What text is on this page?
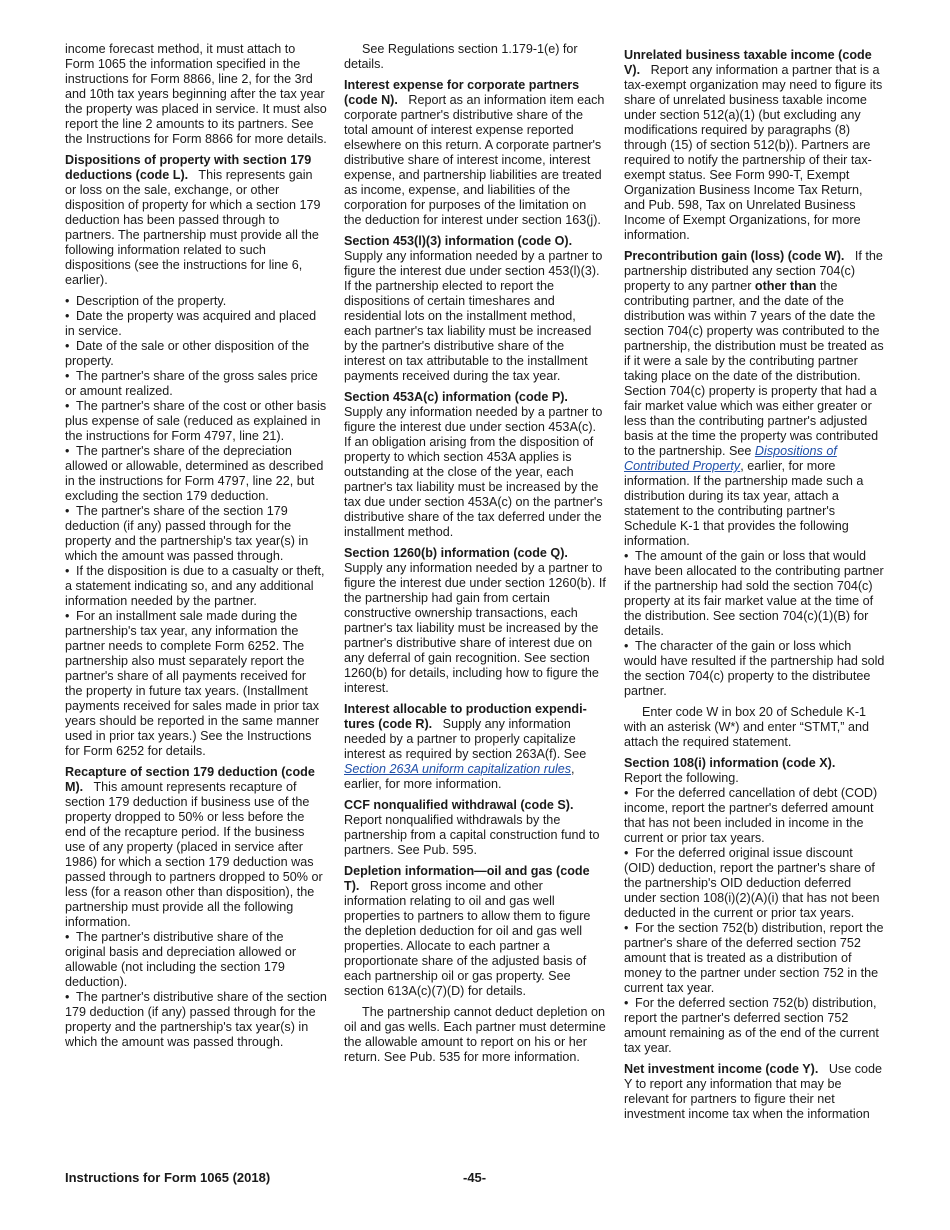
income forecast method, it must attach to Form 1065 the information specified in the instructions for Form 8866, line 2, for the 3rd and 10th tax years beginning after the tax year the property was placed in service. It must also report the line 2 amounts to its partners. See the Instructions for Form 8866 for more details.

Dispositions of property with section 179 deductions (code L). This represents gain or loss on the sale, exchange, or other disposition of property for which a section 179 deduction has been passed through to partners. The partnership must provide all the following information related to such dispositions (see the instructions for line 6, earlier).

• Description of the property.

• Date the property was acquired and placed in service.

• Date of the sale or other disposition of the property.

• The partner's share of the gross sales price or amount realized.

• The partner's share of the cost or other basis plus expense of sale (reduced as explained in the instructions for Form 4797, line 21).

• The partner's share of the depreciation allowed or allowable, determined as described in the instructions for Form 4797, line 22, but excluding the section 179 deduction.

• The partner's share of the section 179 deduction (if any) passed through for the property and the partnership's tax year(s) in which the amount was passed through.

• If the disposition is due to a casualty or theft, a statement indicating so, and any additional information needed by the partner.

• For an installment sale made during the partnership's tax year, any information the partner needs to complete Form 6252. The partnership also must separately report the partner's share of all payments received for the property in future tax years. (Installment payments received for sales made in prior tax years should be reported in the same manner used in prior tax years.) See the Instructions for Form 6252 for details.

Recapture of section 179 deduction (code M). This amount represents recapture of section 179 deduction if business use of the property dropped to 50% or less before the end of the recapture period. If the business use of any property (placed in service after 1986) for which a section 179 deduction was passed through to partners dropped to 50% or less (for a reason other than disposition), the partnership must provide all the following information.

• The partner's distributive share of the original basis and depreciation allowed or allowable (not including the section 179 deduction).

• The partner's distributive share of the section 179 deduction (if any) passed through for the property and the partnership's tax year(s) in which the amount was passed through.

See Regulations section 1.179-1(e) for details.

Interest expense for corporate partners (code N). Report as an information item each corporate partner's distributive share of the total amount of interest expense reported elsewhere on this return. A corporate partner's distributive share of interest income, interest expense, and partnership liabilities are treated as income, expense, and liabilities of the corporation for purposes of the limitation on the deduction for interest under section 163(j).

Section 453(l)(3) information (code O).
Supply any information needed by a partner to figure the interest due under section 453(l)(3). If the partnership elected to report the dispositions of certain timeshares and residential lots on the installment method, each partner's tax liability must be increased by the partner's distributive share of the interest on tax attributable to the installment payments received during the tax year.

Section 453A(c) information (code P).
Supply any information needed by a partner to figure the interest due under section 453A(c). If an obligation arising from the disposition of property to which section 453A applies is outstanding at the close of the year, each partner's tax liability must be increased by the tax due under section 453A(c) on the partner's distributive share of the tax deferred under the installment method.

Section 1260(b) information (code Q).
Supply any information needed by a partner to figure the interest due under section 1260(b). If the partnership had gain from certain constructive ownership transactions, each partner's tax liability must be increased by the partner's distributive share of interest due on any deferral of gain recognition. See section 1260(b) for details, including how to figure the interest.

Interest allocable to production expendi-tures (code R). Supply any information needed by a partner to properly capitalize interest as required by section 263A(f). See Section 263A uniform capitalization rules, earlier, for more information.

CCF nonqualified withdrawal (code S).
Report nonqualified withdrawals by the partnership from a capital construction fund to partners. See Pub. 595.

Depletion information—oil and gas (code T). Report gross income and other information relating to oil and gas well properties to partners to allow them to figure the depletion deduction for oil and gas well properties. Allocate to each partner a proportionate share of the adjusted basis of each partnership oil or gas property. See section 613A(c)(7)(D) for details.

The partnership cannot deduct depletion on oil and gas wells. Each partner must determine the allowable amount to report on his or her return. See Pub. 535 for more information.

Unrelated business taxable income (code V). Report any information a partner that is a tax-exempt organization may need to figure its share of unrelated business taxable income under section 512(a)(1) (but excluding any modifications required by paragraphs (8) through (15) of section 512(b)). Partners are required to notify the partnership of their tax-exempt status. See Form 990-T, Exempt Organization Business Income Tax Return, and Pub. 598, Tax on Unrelated Business Income of Exempt Organizations, for more information.

Precontribution gain (loss) (code W). If the partnership distributed any section 704(c) property to any partner other than the contributing partner, and the date of the distribution was within 7 years of the date the section 704(c) property was contributed to the partnership, the distribution must be treated as if it were a sale by the contributing partner taking place on the date of the distribution. Section 704(c) property is property that had a fair market value which was either greater or less than the contributing partner's adjusted basis at the time the property was contributed to the partnership. See Dispositions of Contributed Property, earlier, for more information. If the partnership made such a distribution during its tax year, attach a statement to the contributing partner's Schedule K-1 that provides the following information.

• The amount of the gain or loss that would have been allocated to the contributing partner if the partnership had sold the section 704(c) property at its fair market value at the time of the distribution. See section 704(c)(1)(B) for details.

• The character of the gain or loss which would have resulted if the partnership had sold the section 704(c) property to the distributee partner.

Enter code W in box 20 of Schedule K-1 with an asterisk (W*) and enter “STMT,” and attach the required statement.

Section 108(i) information (code X).
Report the following.

• For the deferred cancellation of debt (COD) income, report the partner's deferred amount that has not been included in income in the current or prior tax years.

• For the deferred original issue discount (OID) deduction, report the partner's share of the partnership's OID deduction deferred under section 108(i)(2)(A)(i) that has not been deducted in the current or prior tax years.

• For the section 752(b) distribution, report the partner's share of the deferred section 752 amount that is treated as a distribution of money to the partner under section 752 in the current tax year.

• For the deferred section 752(b) distribution, report the partner's deferred section 752 amount remaining as of the end of the current tax year.

Net investment income (code Y). Use code Y to report any information that may be relevant for partners to figure their net investment income tax when the information

Instructions for Form 1065 (2018)	-45-
